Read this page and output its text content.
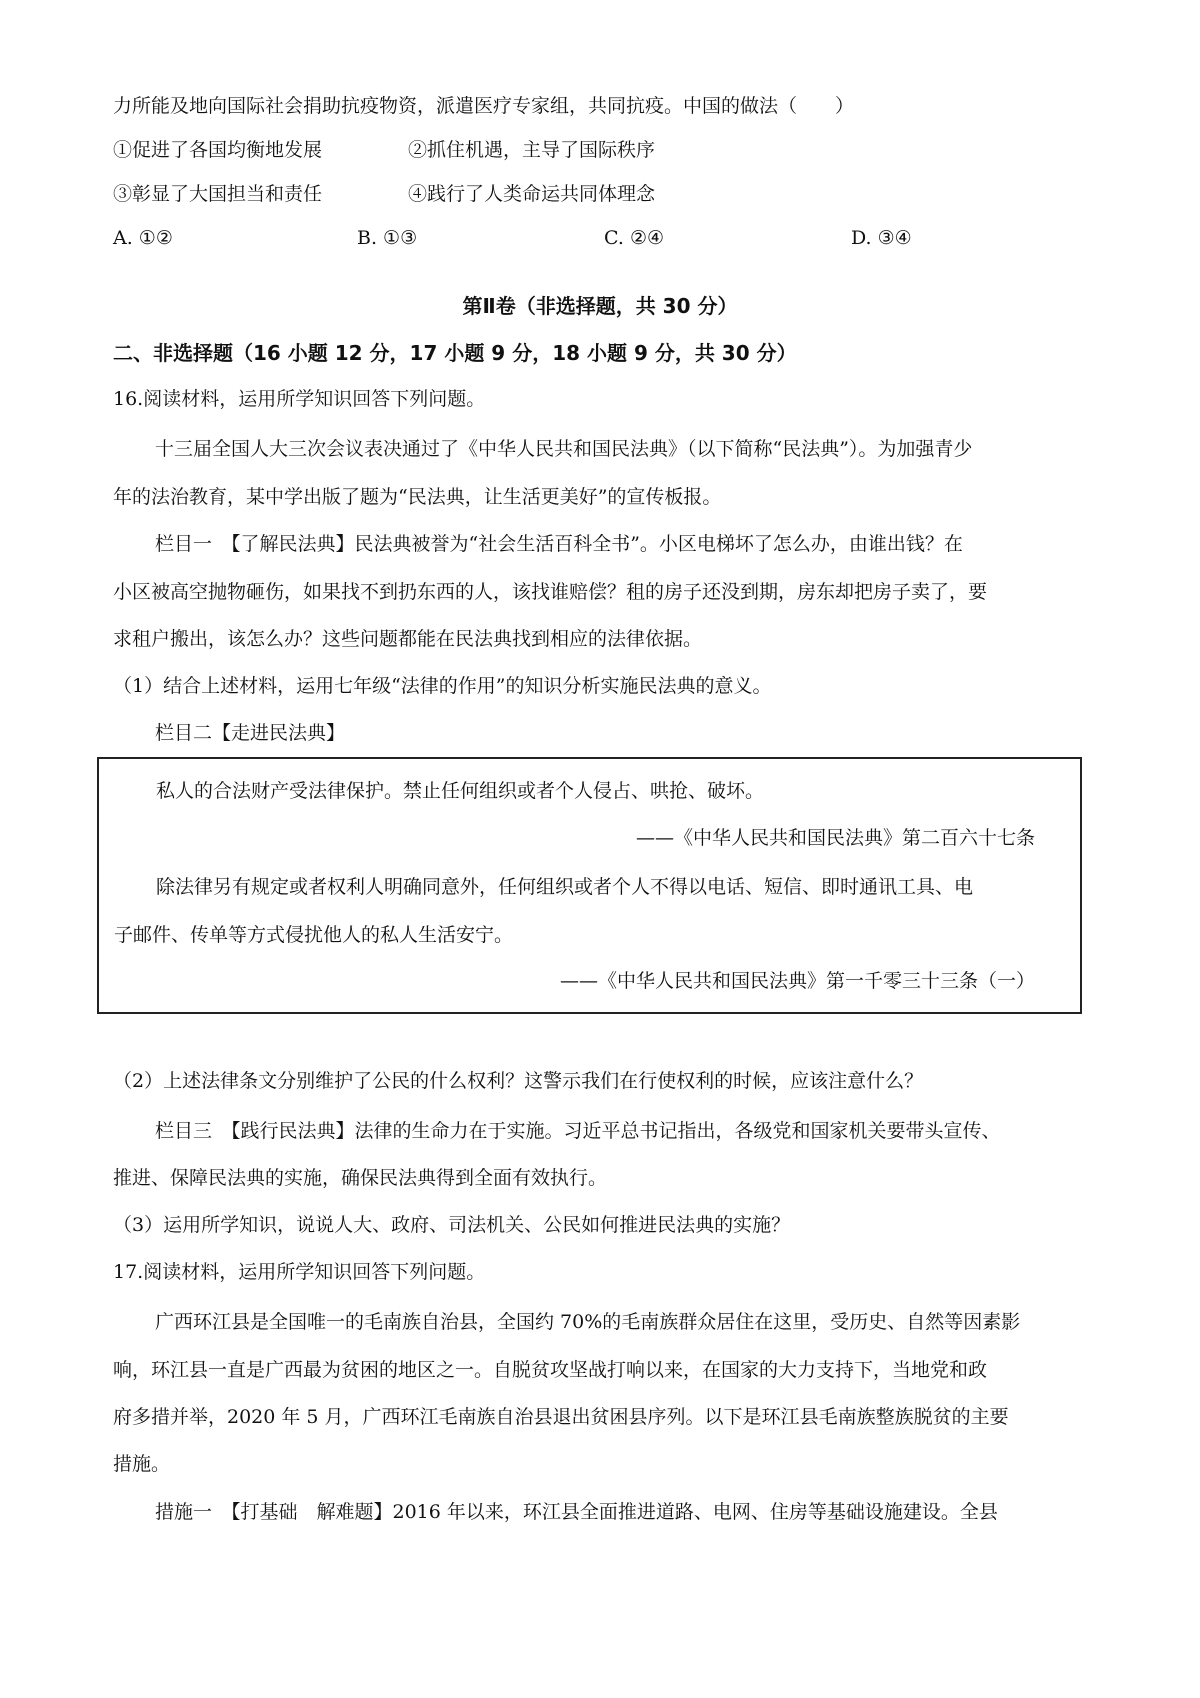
力所能及地向国际社会捐助抗疫物资，派遣医疗专家组，共同抗疫。中国的做法（　　）
①促进了各国均衡地发展	②抓住机遇，主导了国际秩序
③彰显了大国担当和责任	④践行了人类命运共同体理念
A. ①②	B. ①③	C. ②④	D. ③④
第Ⅱ卷（非选择题，共 30 分）
二、非选择题（16 小题 12 分，17 小题 9 分，18 小题 9 分，共 30 分）
16.阅读材料，运用所学知识回答下列问题。
十三届全国人大三次会议表决通过了《中华人民共和国民法典》（以下简称“民法典”）。为加强青少
年的法治教育，某中学出版了题为“民法典，让生活更美好”的宣传板报。
栏目一　【了解民法典】民法典被誉为“社会生活百科全书”。小区电梯坏了怎么办，由谁出钱？在
小区被高空抛物砸伤，如果找不到扔东西的人，该找谁赔偿？租的房子还没到期，房东却把房子卖了，要
求租户搬出，该怎么办？这些问题都能在民法典找到相应的法律依据。
（1）结合上述材料，运用七年级“法律的作用”的知识分析实施民法典的意义。
栏目二【走进民法典】
私人的合法财产受法律保护。禁止任何组织或者个人侵占、哄抢、破坏。
——《中华人民共和国民法典》第二百六十七条
除法律另有规定或者权利人明确同意外，任何组织或者个人不得以电话、短信、即时通讯工具、电
子邮件、传单等方式侵扰他人的私人生活安宁。
——《中华人民共和国民法典》第一千零三十三条（一）
（2）上述法律条文分别维护了公民的什么权利？这警示我们在行使权利的时候，应该注意什么？
栏目三　【践行民法典】法律的生命力在于实施。习近平总书记指出，各级党和国家机关要带头宣传、
推进、保障民法典的实施，确保民法典得到全面有效执行。
（3）运用所学知识，说说人大、政府、司法机关、公民如何推进民法典的实施？
17.阅读材料，运用所学知识回答下列问题。
广西环江县是全国唯一的毛南族自治县，全国约 70%的毛南族群众居住在这里，受历史、自然等因素影
响，环江县一直是广西最为贫困的地区之一。自脱贫攻坚战打响以来，在国家的大力支持下，当地党和政
府多措并举，2020 年 5 月，广西环江毛南族自治县退出贫困县序列。以下是环江县毛南族整族脱贫的主要
措施。
措施一　【打基础　解难题】2016 年以来，环江县全面推进道路、电网、住房等基础设施建设。全县
